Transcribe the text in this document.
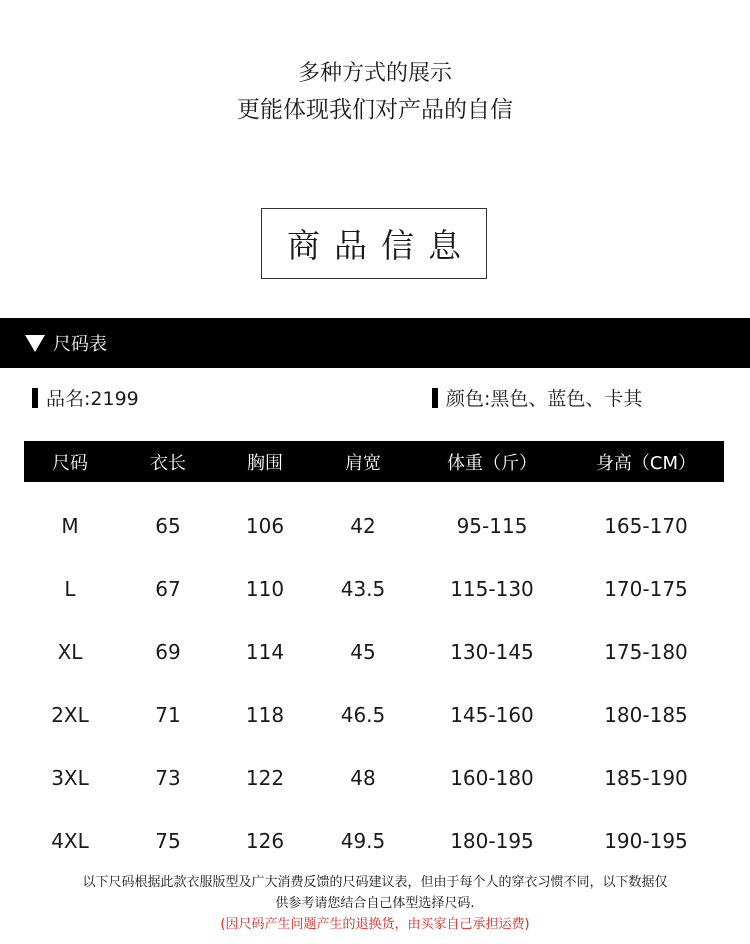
多种方式的展示
更能体现我们对产品的自信
商品信息
尺码表
品名:2199	颜色:黑色、蓝色、卡其
尺码	衣长	胸围	肩宽	体重（斤）	身高（CM）
M	65	106	42	95-115	165-170
L	67	110	43.5	115-130	170-175
XL	69	114	45	130-145	175-180
2XL	71	118	46.5	145-160	180-185
3XL	73	122	48	160-180	185-190
4XL	75	126	49.5	180-195	190-195
以下尺码根据此款衣服版型及广大消费反馈的尺码建议表，但由于每个人的穿衣习惯不同，以下数据仅
供参考请您结合自己体型选择尺码.
(因尺码产生问题产生的退换货，由买家自己承担运费)
